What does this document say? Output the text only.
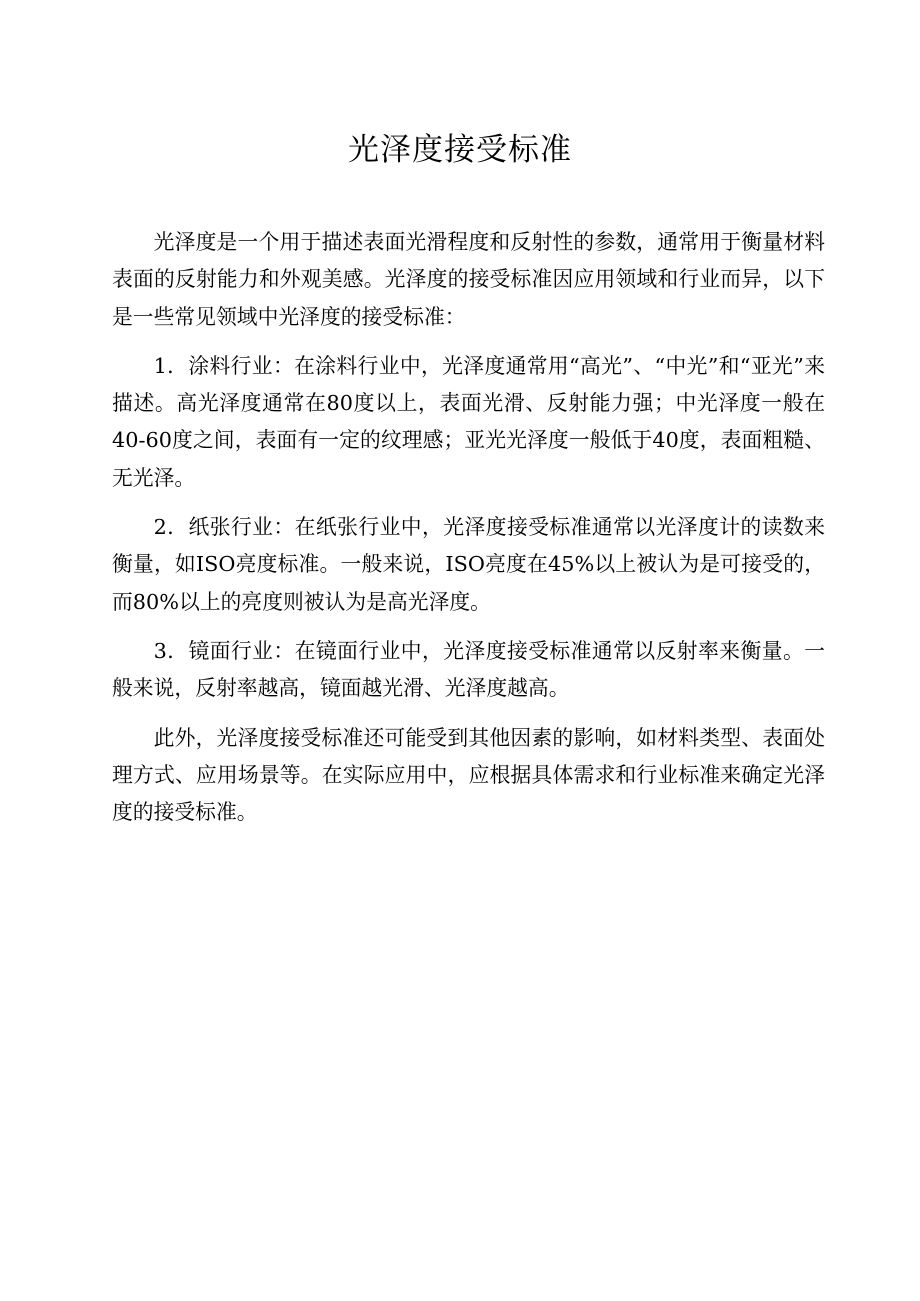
光泽度接受标准

光泽度是一个用于描述表面光滑程度和反射性的参数，通常用于衡量材料表面的反射能力和外观美感。光泽度的接受标准因应用领域和行业而异，以下是一些常见领域中光泽度的接受标准：

1．涂料行业：在涂料行业中，光泽度通常用“高光”、“中光”和“亚光”来描述。高光泽度通常在80度以上，表面光滑、反射能力强；中光泽度一般在40-60度之间，表面有一定的纹理感；亚光光泽度一般低于40度，表面粗糙、无光泽。

2．纸张行业：在纸张行业中，光泽度接受标准通常以光泽度计的读数来衡量，如ISO亮度标准。一般来说，ISO亮度在45%以上被认为是可接受的，而80%以上的亮度则被认为是高光泽度。

3．镜面行业：在镜面行业中，光泽度接受标准通常以反射率来衡量。一般来说，反射率越高，镜面越光滑、光泽度越高。

此外，光泽度接受标准还可能受到其他因素的影响，如材料类型、表面处理方式、应用场景等。在实际应用中，应根据具体需求和行业标准来确定光泽度的接受标准。
